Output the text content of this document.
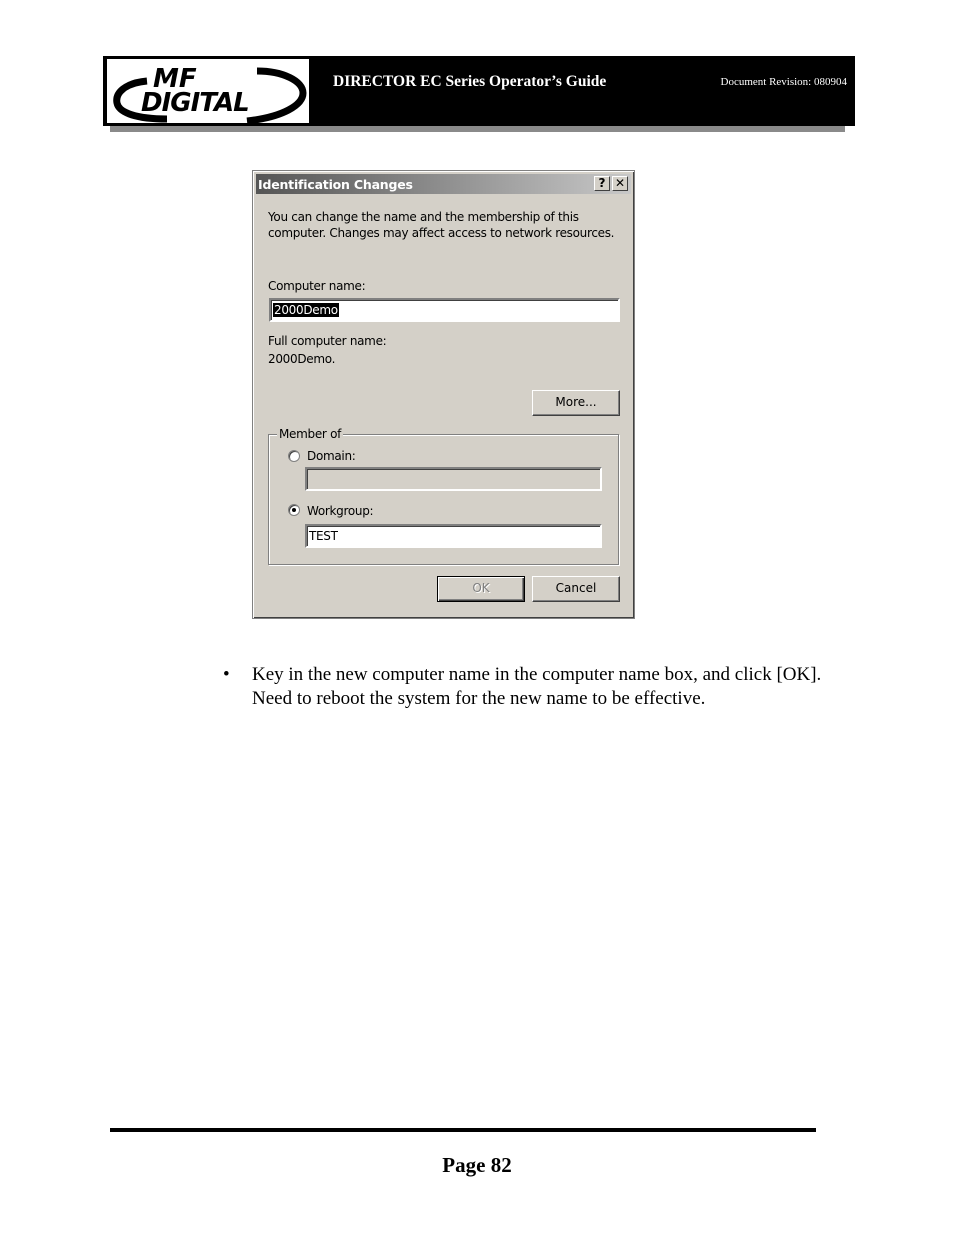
MF
DIGITAL
DIRECTOR EC Series Operator’s Guide	Document Revision: 080904
Identification Changes	? ✕
You can change the name and the membership of this computer. Changes may affect access to network resources.
Computer name:
2000Demo
Full computer name:
2000Demo.
More...
Member of
Domain:
Workgroup:
TEST
OK	Cancel
• Key in the new computer name in the computer name box, and click [OK]. Need to reboot the system for the new name to be effective.
Page 82
